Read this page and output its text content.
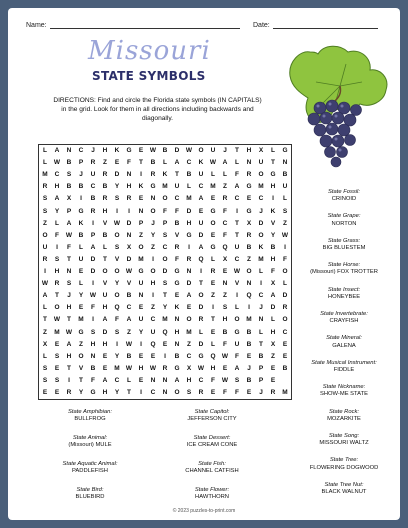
Name:	Date:
Missouri
STATE SYMBOLS
DIRECTIONS: Find and circle the Florida state symbols (IN CAPITALS) in the grid. Look for them in all directions including backwards and diagonally.
L	A	N	C	J	H	K	G	E	W	B	D	W O	U	J	T	H	X	L	G
L	W	B	P	R	Z	E	F	T	B	L	A	C	K	W	A	L	N	U	T	N
M	C	S	J	U	R	D	N	I	R	K	T	B	U	L	L	F	R	O	G	B
R	H	B	B	C	B	Y	H	K	G	M	U	L	C	M	Z	A	G	M	H	U
S	A	X	I	B	R	S	R	E	N	O	C	M	A	E	R	C	E	C	I	L
S	Y	P	G	R	H	I	I	N	O	F	F	D	E	G	F	I	G	J	K	S
Z	L	A	K	I	V	W	D	P	J	P	B	H	U	O	C	T	X	D	V	Z
O	F	W	B	P	B	O	N	Z	Y	S	V	G	D	E	F	T	R	O	Y	W
U	I	F	L	A	L	S	X	O	Z	C	R	I	A	G	Q	U	B	K	B	I
R	S	T	U	D	T	V	D	M	I	O	F	R	Q	L	X	C	Z	M	H	F
I	H	N	E	D	O	O W G	O	D	G	N	I	R	E	W O	L	F	O
W	R	S	L	I	V	Y	V	U	H	S	G	D	T	E	N	V	N	I	X	L
A	T	J	Y	W	U	O	B	N	I	T	E	A	O	Z	Z	I	Q	C	A	D
L	O	H	E	F	H	Q	C	E	Z	Y	K	E	D	I	S	L	I	J	D	R
T	W	T	M	I	A	F	A	U	C	M	N	O	R	T	H	O	M	N	L	O
Z	M W G	S	D	S	Z	Y	U	Q	H	M	L	E	B	G	B	L	H	C
X	E	A	Z	H	H	I	W	I	Q	E	N	Z	D	L	F	U	B	T	X	E
L	S	H	O	N	E	Y	B	E	E	I	B	C	G	Q W	F	E	B	Z	E
S	E	T	V	B	E	M W	H	W	R	G	X	W	H	E	A	J	P	E	B
S	S	I	T	F	A	C	L	E	N	N	A	H	C	F	W	S	B	P	E
E	E	R	Y	G	H	Y	T	I	C	N	O	S	R	E	F	F	E	J	R	M
State Fossil:
CRINOID
State Grape:
NORTON
State Grass:
BIG BLUESTEM
State Horse:
(Missouri) FOX TROTTER
State Insect:
HONEYBEE
State Invertebrate:
CRAYFISH
State Mineral:
GALENA
State Musical Instrument:
FIDDLE
State Nickname:
SHOW-ME STATE
State Rock:
MOZARKITE
State Song:
MISSOURI WALTZ
State Tree:
FLOWERING DOGWOOD
State Tree Nut:
BLACK WALNUT
State Amphibian:
BULLFROG
State Animal:
(Missouri) MULE
State Aquatic Animal:
PADDLEFISH
State Bird:
BLUEBIRD
State Capitol:
JEFFERSON CITY
State Dessert:
ICE CREAM CONE
State Fish:
CHANNEL CATFISH
State Flower:
HAWTHORN
© 2023 puzzles-to-print.com
